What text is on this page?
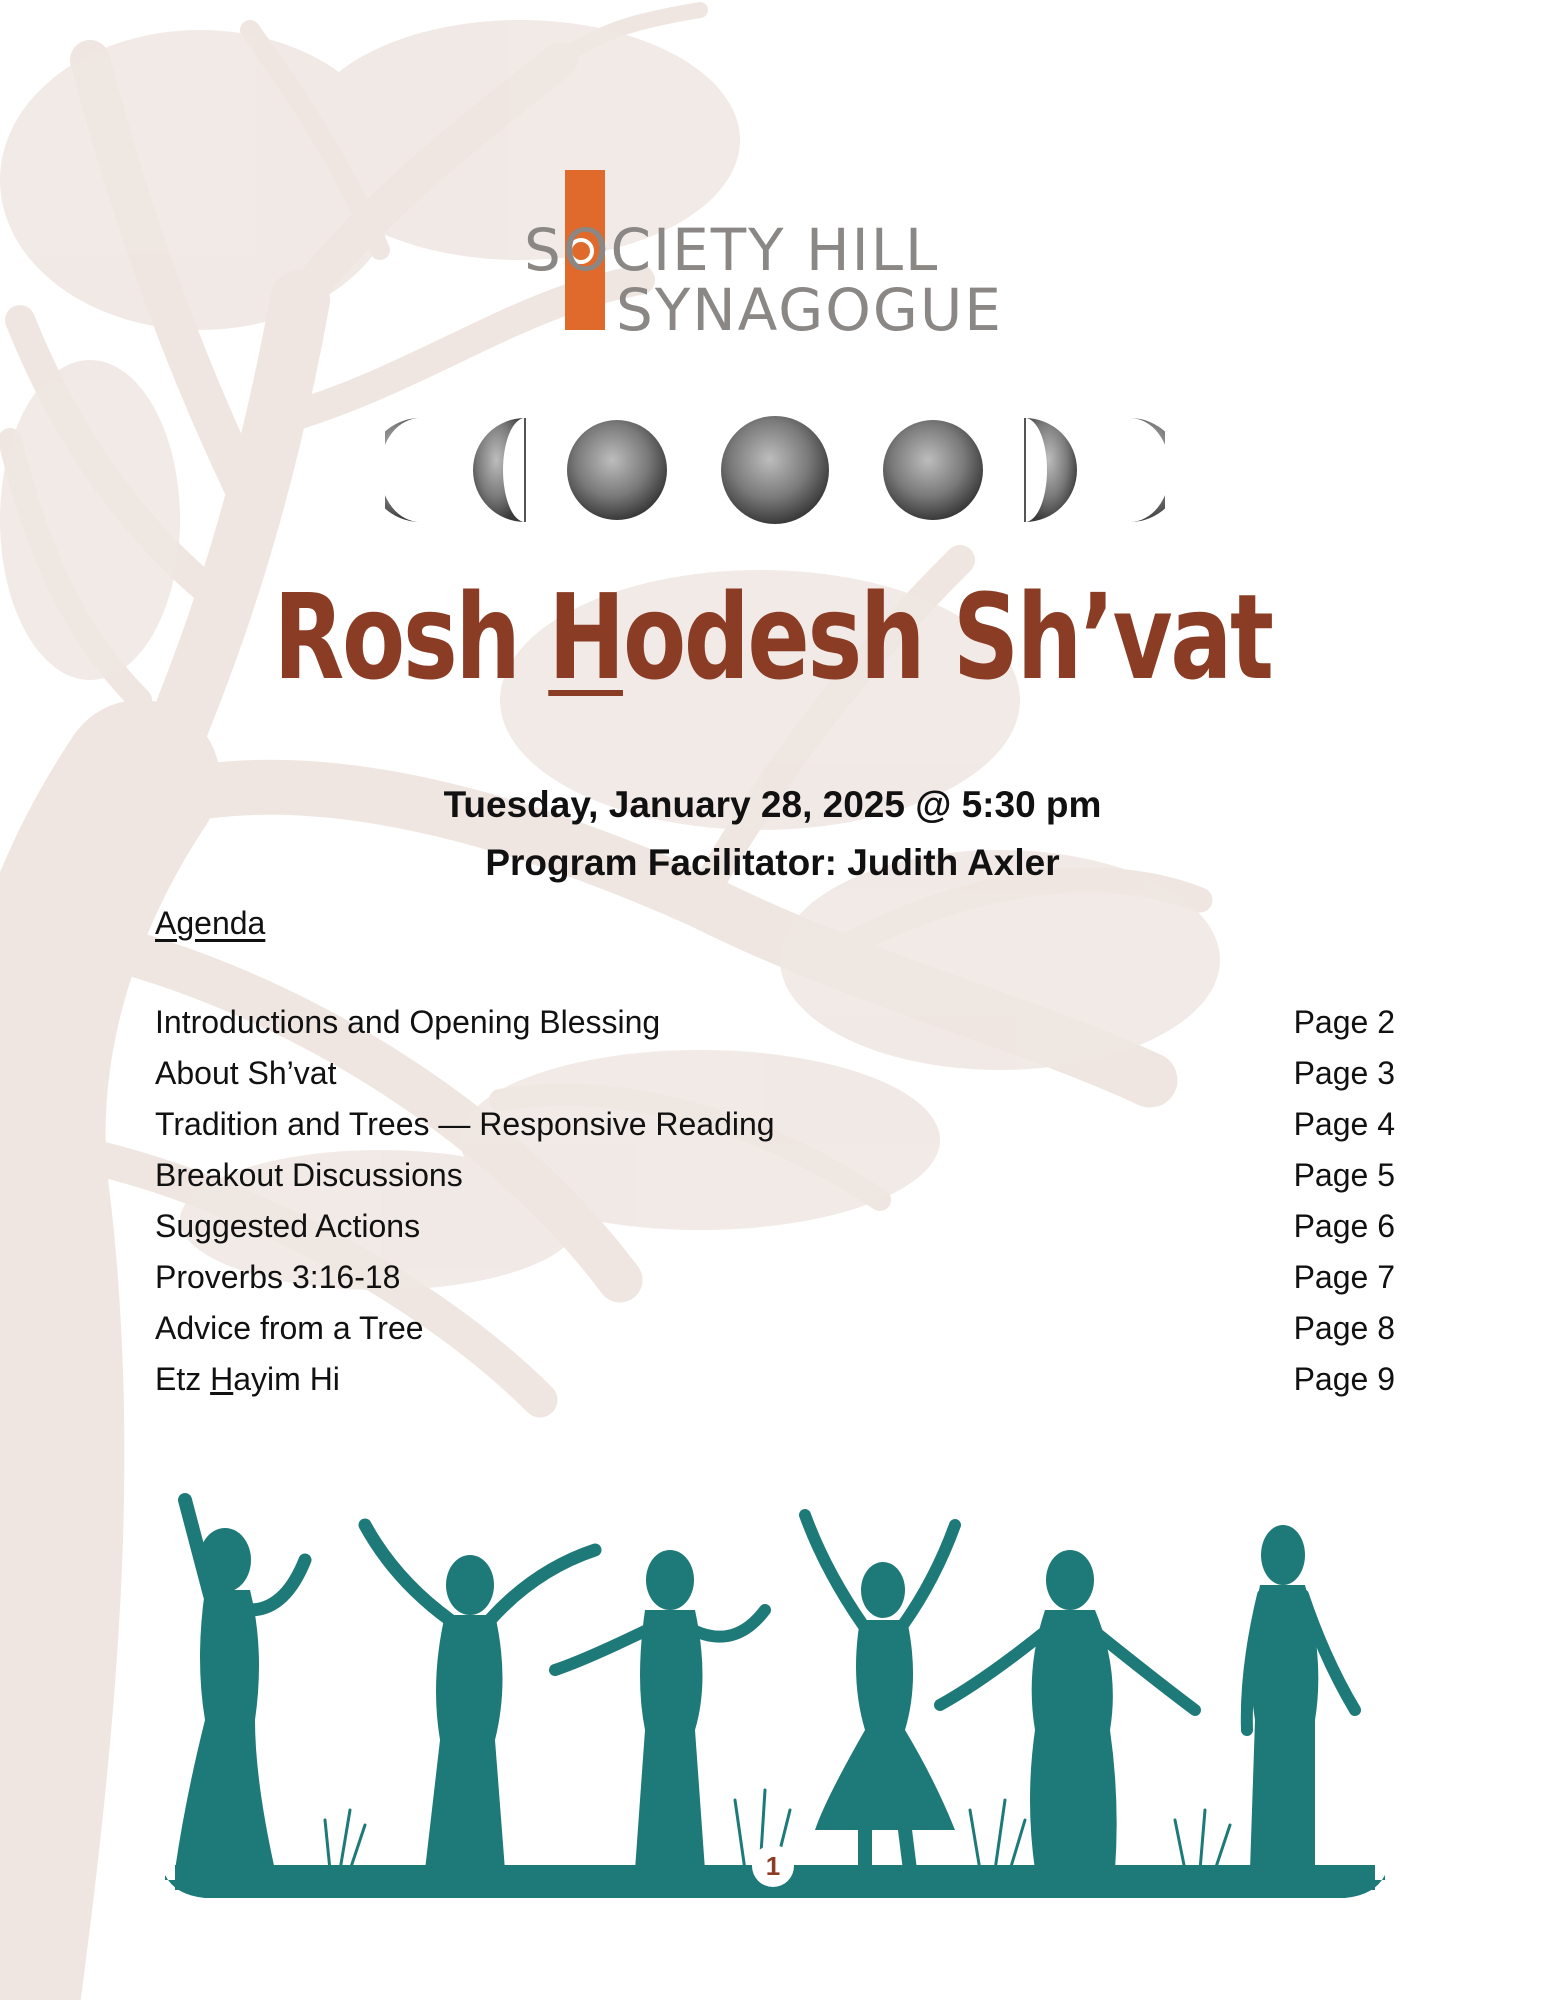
SOCIETY HILL
SYNAGOGUE
Rosh Hodesh Sh’vat
Tuesday, January 28, 2025 @ 5:30 pm
Program Facilitator: Judith Axler
Agenda
Introductions and Opening Blessing	Page 2
About Sh’vat	Page 3
Tradition and Trees — Responsive Reading	Page 4
Breakout Discussions	Page 5
Suggested Actions	Page 6
Proverbs 3:16-18	Page 7
Advice from a Tree	Page 8
Etz Hayim Hi	Page 9
1
